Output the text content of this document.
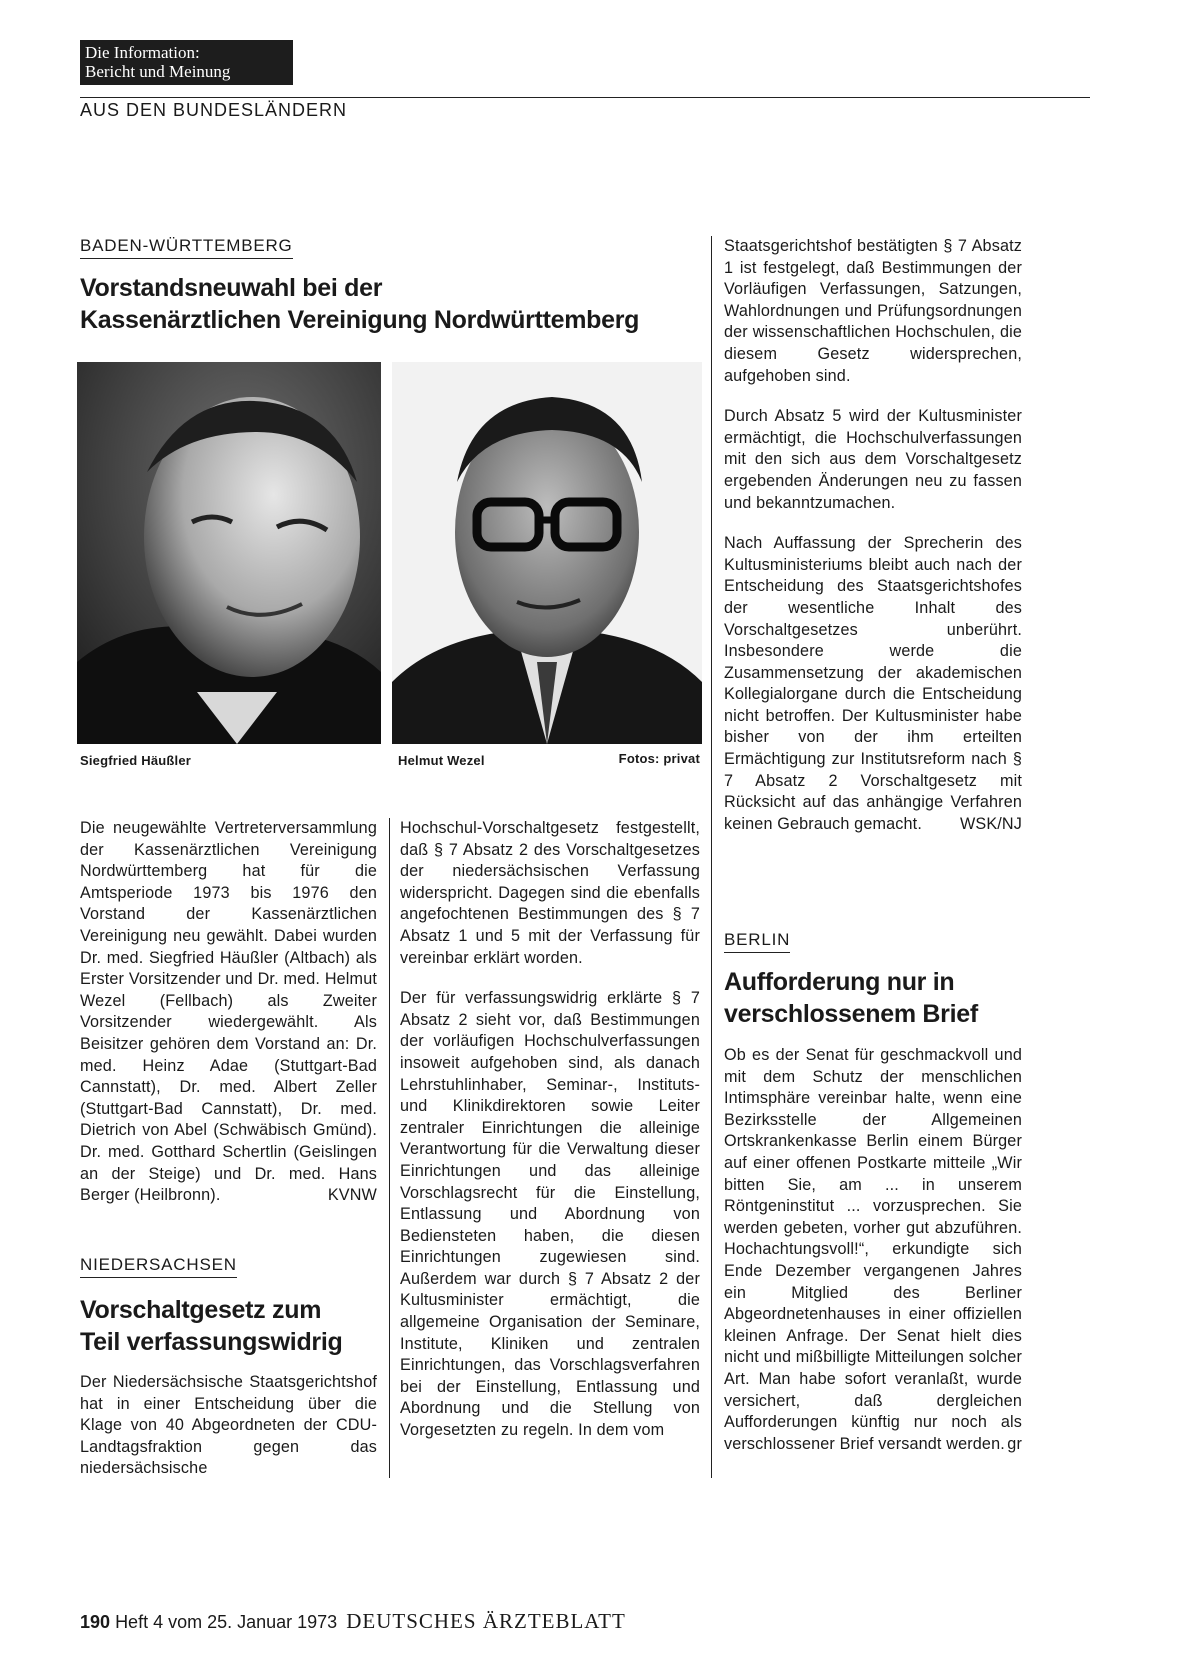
Die Information:
Bericht und Meinung
AUS DEN BUNDESLÄNDERN
BADEN-WÜRTTEMBERG
Vorstandsneuwahl bei der
Kassenärztlichen Vereinigung Nordwürttemberg
Siegfried Häußler	Helmut Wezel	Fotos: privat

Die neugewählte Vertreterversammlung der Kassenärztlichen Vereinigung Nordwürttemberg hat für die Amtsperiode 1973 bis 1976 den Vorstand der Kassenärztlichen Vereinigung neu gewählt. Dabei wurden Dr. med. Siegfried Häußler (Altbach) als Erster Vorsitzender und Dr. med. Helmut Wezel (Fellbach) als Zweiter Vorsitzender wiedergewählt. Als Beisitzer gehören dem Vorstand an: Dr. med. Heinz Adae (Stuttgart-Bad Cannstatt), Dr. med. Albert Zeller (Stuttgart-Bad Cannstatt), Dr. med. Dietrich von Abel (Schwäbisch Gmünd). Dr. med. Gotthard Schertlin (Geislingen an der Steige) und Dr. med. Hans Berger (Heilbronn).	KVNW

NIEDERSACHSEN
Vorschaltgesetz zum
Teil verfassungswidrig
Der Niedersächsische Staatsgerichtshof hat in einer Entscheidung über die Klage von 40 Abgeordneten der CDU-Landtagsfraktion gegen das niedersächsische

Hochschul-Vorschaltgesetz festgestellt, daß § 7 Absatz 2 des Vorschaltgesetzes der niedersächsischen Verfassung widerspricht. Dagegen sind die ebenfalls angefochtenen Bestimmungen des § 7 Absatz 1 und 5 mit der Verfassung für vereinbar erklärt worden.

Der für verfassungswidrig erklärte § 7 Absatz 2 sieht vor, daß Bestimmungen der vorläufigen Hochschulverfassungen insoweit aufgehoben sind, als danach Lehrstuhlinhaber, Seminar-, Instituts- und Klinikdirektoren sowie Leiter zentraler Einrichtungen die alleinige Verantwortung für die Verwaltung dieser Einrichtungen und das alleinige Vorschlagsrecht für die Einstellung, Entlassung und Abordnung von Bediensteten haben, die diesen Einrichtungen zugewiesen sind. Außerdem war durch § 7 Absatz 2 der Kultusminister ermächtigt, die allgemeine Organisation der Seminare, Institute, Kliniken und zentralen Einrichtungen, das Vorschlagsverfahren bei der Einstellung, Entlassung und Abordnung und die Stellung von Vorgesetzten zu regeln. In dem vom

Staatsgerichtshof bestätigten § 7 Absatz 1 ist festgelegt, daß Bestimmungen der Vorläufigen Verfassungen, Satzungen, Wahlordnungen und Prüfungsordnungen der wissenschaftlichen Hochschulen, die diesem Gesetz widersprechen, aufgehoben sind.

Durch Absatz 5 wird der Kultusminister ermächtigt, die Hochschulverfassungen mit den sich aus dem Vorschaltgesetz ergebenden Änderungen neu zu fassen und bekanntzumachen.

Nach Auffassung der Sprecherin des Kultusministeriums bleibt auch nach der Entscheidung des Staatsgerichtshofes der wesentliche Inhalt des Vorschaltgesetzes unberührt. Insbesondere werde die Zusammensetzung der akademischen Kollegialorgane durch die Entscheidung nicht betroffen. Der Kultusminister habe bisher von der ihm erteilten Ermächtigung zur Institutsreform nach § 7 Absatz 2 Vorschaltgesetz mit Rücksicht auf das anhängige Verfahren keinen Gebrauch gemacht. WSK/NJ

BERLIN
Aufforderung nur in
verschlossenem Brief

Ob es der Senat für geschmackvoll und mit dem Schutz der menschlichen Intimsphäre vereinbar halte, wenn eine Bezirksstelle der Allgemeinen Ortskrankenkasse Berlin einem Bürger auf einer offenen Postkarte mitteile „Wir bitten Sie, am ... in unserem Röntgeninstitut ... vorzusprechen. Sie werden gebeten, vorher gut abzuführen. Hochachtungsvoll!“, erkundigte sich Ende Dezember vergangenen Jahres ein Mitglied des Berliner Abgeordnetenhauses in einer offiziellen kleinen Anfrage. Der Senat hielt dies nicht und mißbilligte Mitteilungen solcher Art. Man habe sofort veranlaßt, wurde versichert, daß dergleichen Aufforderungen künftig nur noch als verschlossener Brief versandt werden. gr

190 Heft 4 vom 25. Januar 1973 DEUTSCHES ÄRZTEBLATT
